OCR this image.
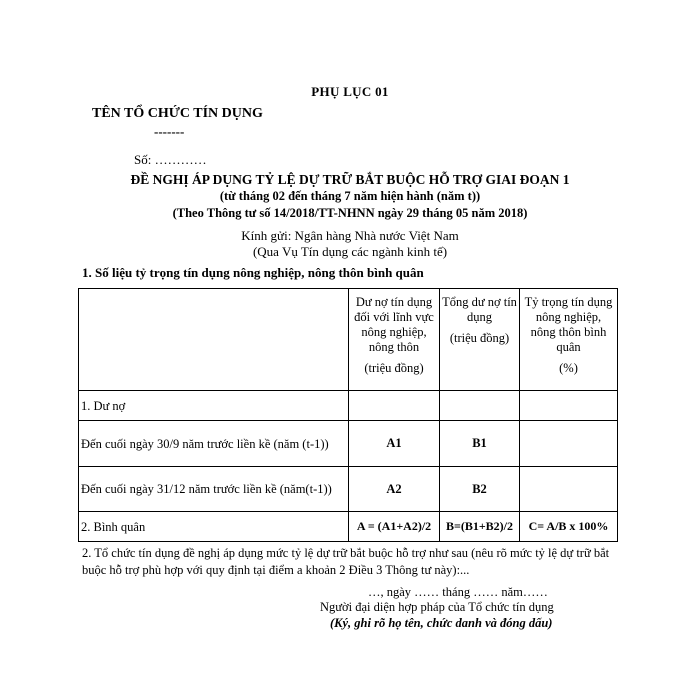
PHỤ LỤC 01
TÊN TỔ CHỨC TÍN DỤNG
-------
Số: …………
ĐỀ NGHỊ ÁP DỤNG TỶ LỆ DỰ TRỮ BẮT BUỘC HỖ TRỢ GIAI ĐOẠN 1
(từ tháng 02 đến tháng 7 năm hiện hành (năm t))
(Theo Thông tư số 14/2018/TT-NHNN ngày 29 tháng 05 năm 2018)
Kính gửi: Ngân hàng Nhà nước Việt Nam
(Qua Vụ Tín dụng các ngành kinh tế)
1. Số liệu tỷ trọng tín dụng nông nghiệp, nông thôn bình quân
	Dư nợ tín dụng đối với lĩnh vực nông nghiệp, nông thôn
(triệu đồng)	Tổng dư nợ tín dụng
(triệu đồng)	Tỷ trọng tín dụng nông nghiệp, nông thôn bình quân
(%)

1. Dư nợ			
Đến cuối ngày 30/9 năm trước liền kề (năm (t-1))	A1	B1	
Đến cuối ngày 31/12 năm trước liền kề (năm(t-1))	A2	B2	
2. Bình quân	A = (A1+A2)/2	B=(B1+B2)/2	C= A/B x 100%
2. Tổ chức tín dụng đề nghị áp dụng mức tỷ lệ dự trữ bắt buộc hỗ trợ như sau (nêu rõ mức tỷ lệ dự trữ bắt buộc hỗ trợ phù hợp với quy định tại điểm a khoản 2 Điều 3 Thông tư này):...
…, ngày …… tháng …… năm……
Người đại diện hợp pháp của Tổ chức tín dụng
(Ký, ghi rõ họ tên, chức danh và đóng dấu)
